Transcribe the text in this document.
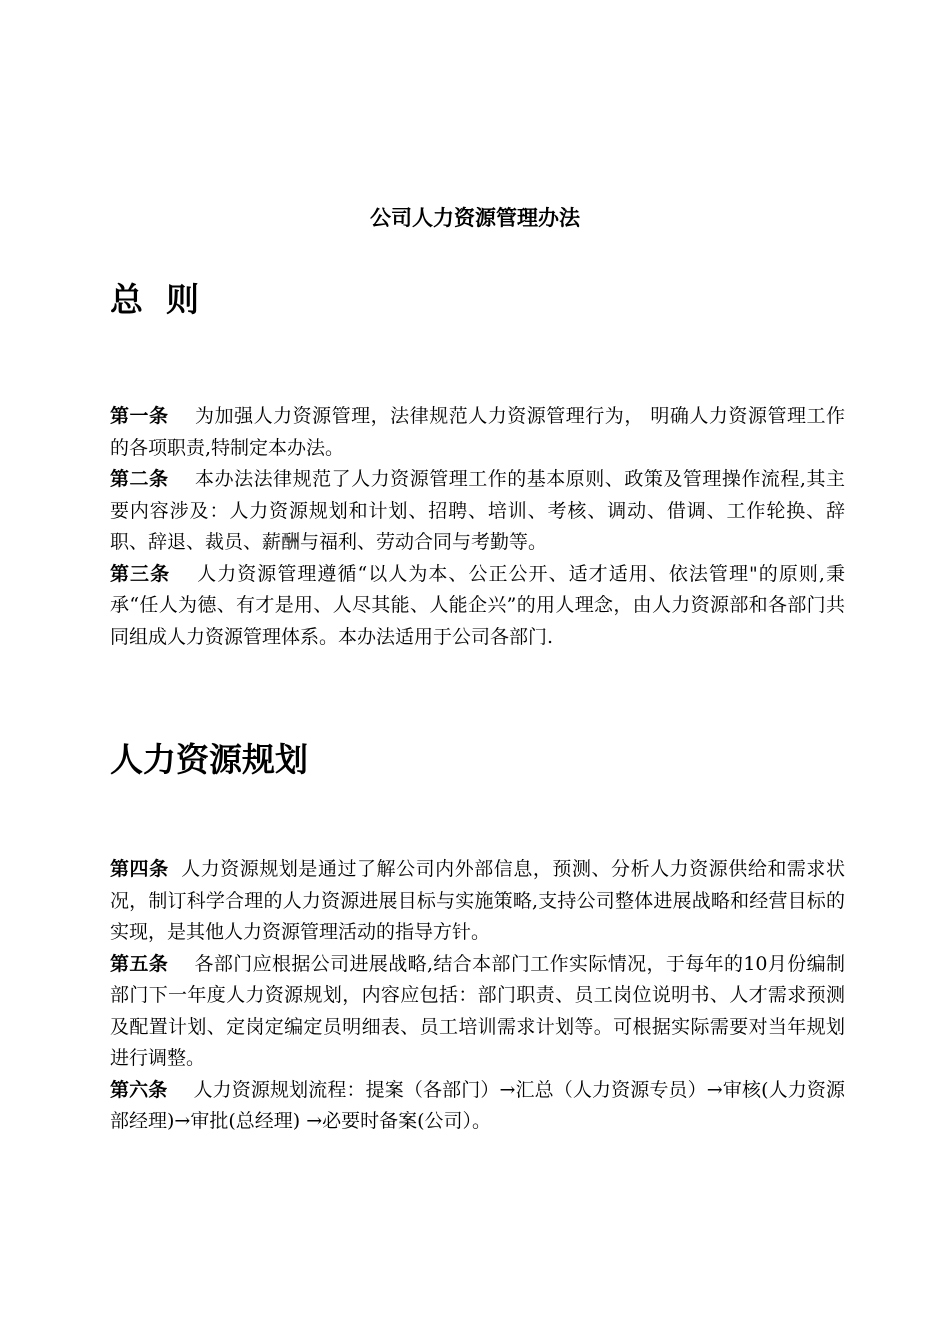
公司人力资源管理办法
总  则

第一条 为加强人力资源管理，法律规范人力资源管理行为， 明确人力资源管理工作的各项职责,特制定本办法。

第二条 本办法法律规范了人力资源管理工作的基本原则、政策及管理操作流程,其主要内容涉及：人力资源规划和计划、招聘、培训、考核、调动、借调、工作轮换、辞职、辞退、裁员、薪酬与福利、劳动合同与考勤等。

第三条 人力资源管理遵循“以人为本、公正公开、适才适用、依法管理"的原则,秉承“任人为德、有才是用、人尽其能、人能企兴”的用人理念，由人力资源部和各部门共同组成人力资源管理体系。本办法适用于公司各部门.

人力资源规划

第四条 人力资源规划是通过了解公司内外部信息，预测、分析人力资源供给和需求状况，制订科学合理的人力资源进展目标与实施策略,支持公司整体进展战略和经营目标的实现，是其他人力资源管理活动的指导方针。

第五条 各部门应根据公司进展战略,结合本部门工作实际情况，于每年的10月份编制部门下一年度人力资源规划，内容应包括：部门职责、员工岗位说明书、人才需求预测及配置计划、定岗定编定员明细表、员工培训需求计划等。可根据实际需要对当年规划进行调整。

第六条 人力资源规划流程：提案（各部门）→汇总（人力资源专员）→审核(人力资源部经理)→审批(总经理) →必要时备案(公司）。
